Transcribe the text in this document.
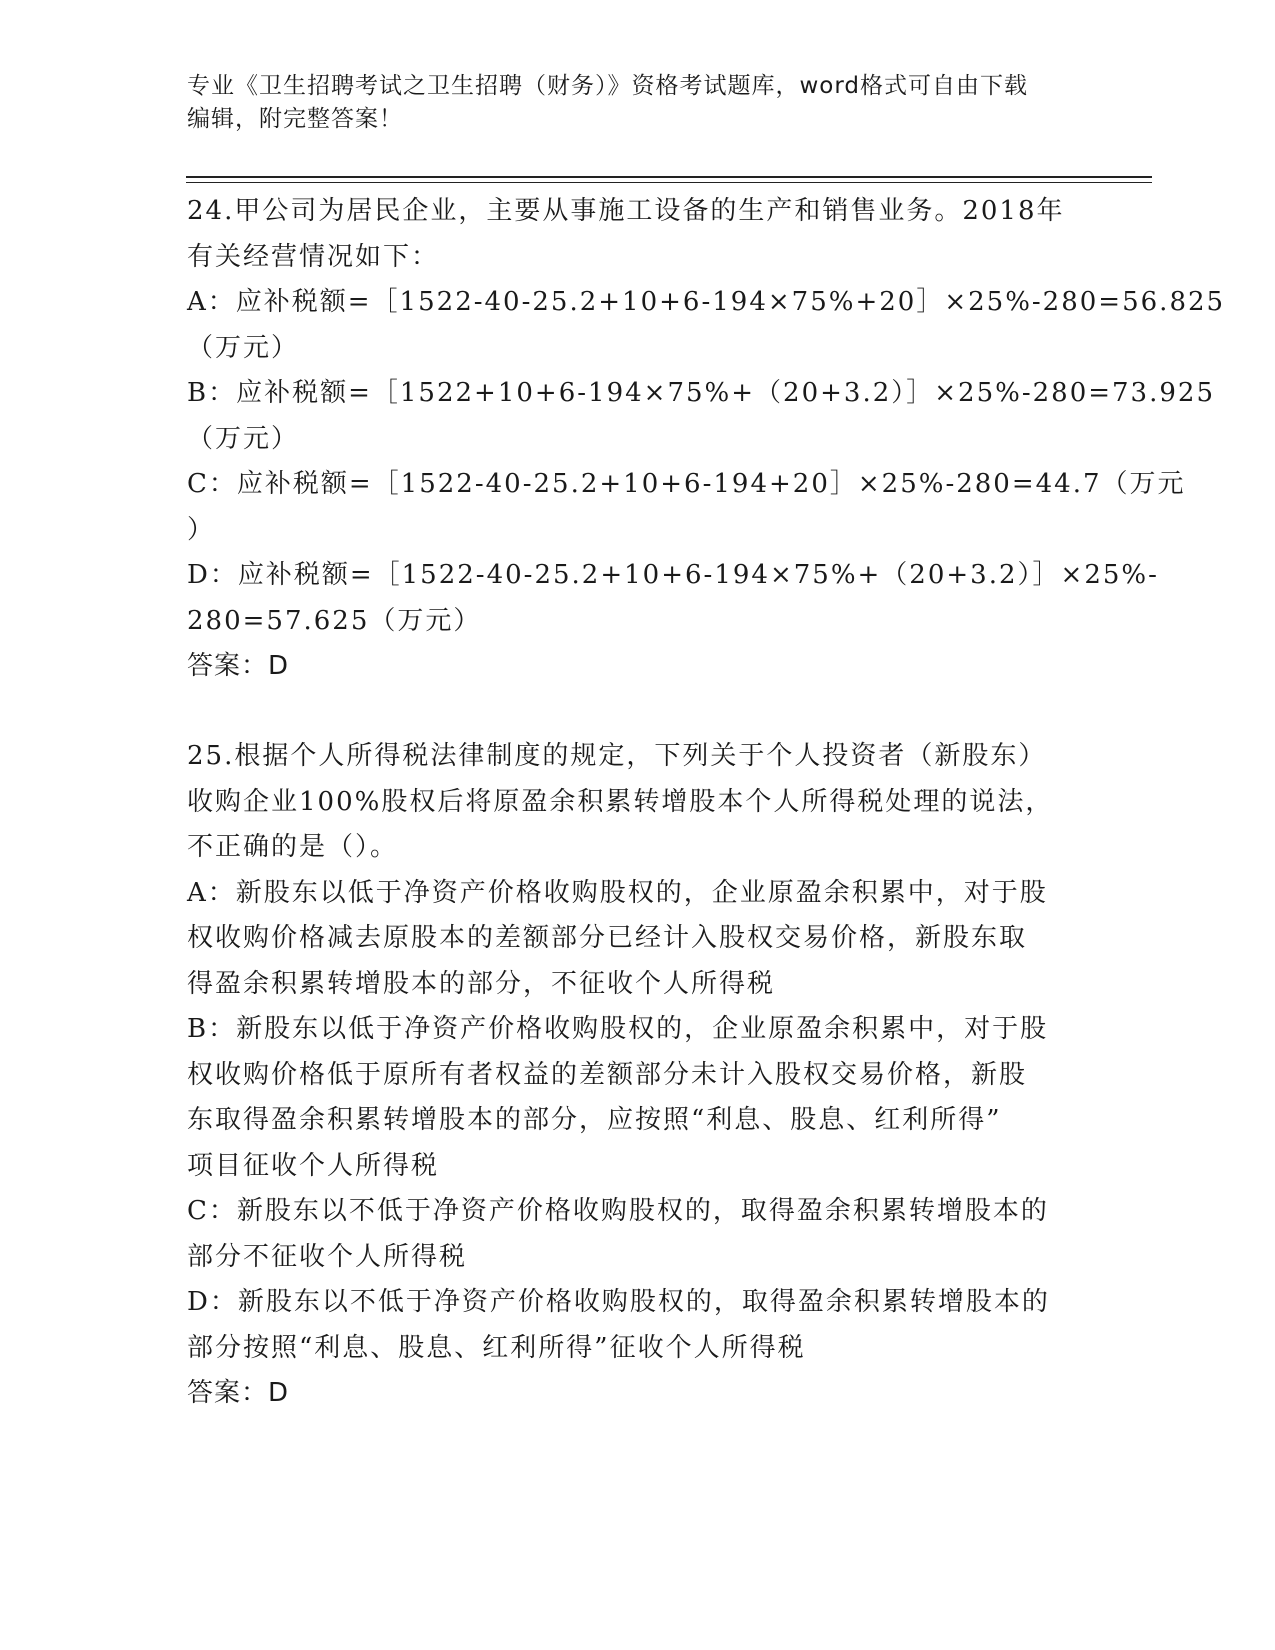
专业《卫生招聘考试之卫生招聘（财务）》资格考试题库，word格式可自由下载
编辑，附完整答案！
24.甲公司为居民企业，主要从事施工设备的生产和销售业务。2018年
有关经营情况如下：
A：应补税额=［1522-40-25.2+10+6-194×75%+20］×25%-280=56.825
（万元）
B：应补税额=［1522+10+6-194×75%+（20+3.2）］×25%-280=73.925
（万元）
C：应补税额=［1522-40-25.2+10+6-194+20］×25%-280=44.7（万元
）
D：应补税额=［1522-40-25.2+10+6-194×75%+（20+3.2）］×25%-
280=57.625（万元）
答案：D
25.根据个人所得税法律制度的规定，下列关于个人投资者（新股东）
收购企业100%股权后将原盈余积累转增股本个人所得税处理的说法，
不正确的是（）。
A：新股东以低于净资产价格收购股权的，企业原盈余积累中，对于股
权收购价格减去原股本的差额部分已经计入股权交易价格，新股东取
得盈余积累转增股本的部分，不征收个人所得税
B：新股东以低于净资产价格收购股权的，企业原盈余积累中，对于股
权收购价格低于原所有者权益的差额部分未计入股权交易价格，新股
东取得盈余积累转增股本的部分，应按照“利息、股息、红利所得”
项目征收个人所得税
C：新股东以不低于净资产价格收购股权的，取得盈余积累转增股本的
部分不征收个人所得税
D：新股东以不低于净资产价格收购股权的，取得盈余积累转增股本的
部分按照“利息、股息、红利所得”征收个人所得税
答案：D
